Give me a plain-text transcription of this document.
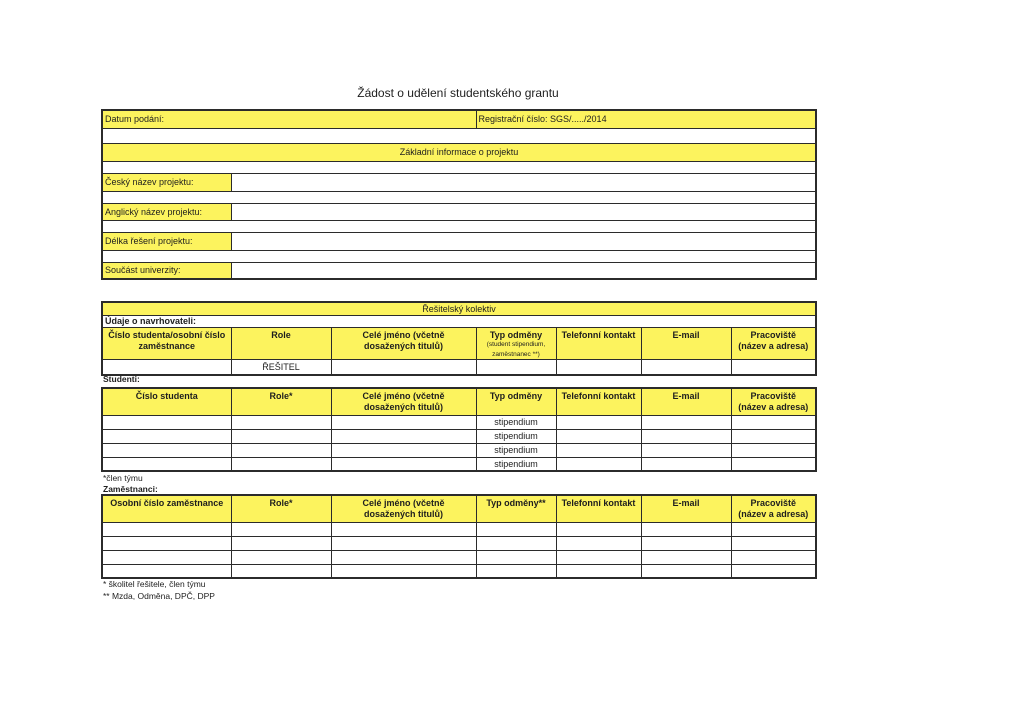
Žádost o udělení studentského grantu
Datum podání:		Registrační číslo: SGS/...../2014

Základní informace o projektu		

Český název projektu:		

Anglický název projektu:		

Délka řešení projektu:		

Součást univerzity:		
Řešitelský kolektiv						
Údaje o navrhovateli:						
Číslo studenta/osobní číslo zaměstnance	Role	Celé jméno (včetně dosažených titulů)	Typ odměny (student stipendium, zaměstnanec **)	Telefonní kontakt	E-mail	Pracoviště (název a adresa)
	ŘEŠITEL					
Studenti:
Číslo studenta	Role*	Celé jméno (včetně dosažených titulů)	Typ odměny	Telefonní kontakt	E-mail	Pracoviště (název a adresa)
			stipendium			
			stipendium			
			stipendium			
			stipendium			
*člen týmu
Zaměstnanci:
Osobní číslo zaměstnance	Role*	Celé jméno (včetně dosažených titulů)	Typ odměny**	Telefonní kontakt	E-mail	Pracoviště (název a adresa)

* školitel řešitele, člen týmu
** Mzda, Odměna, DPČ, DPP
